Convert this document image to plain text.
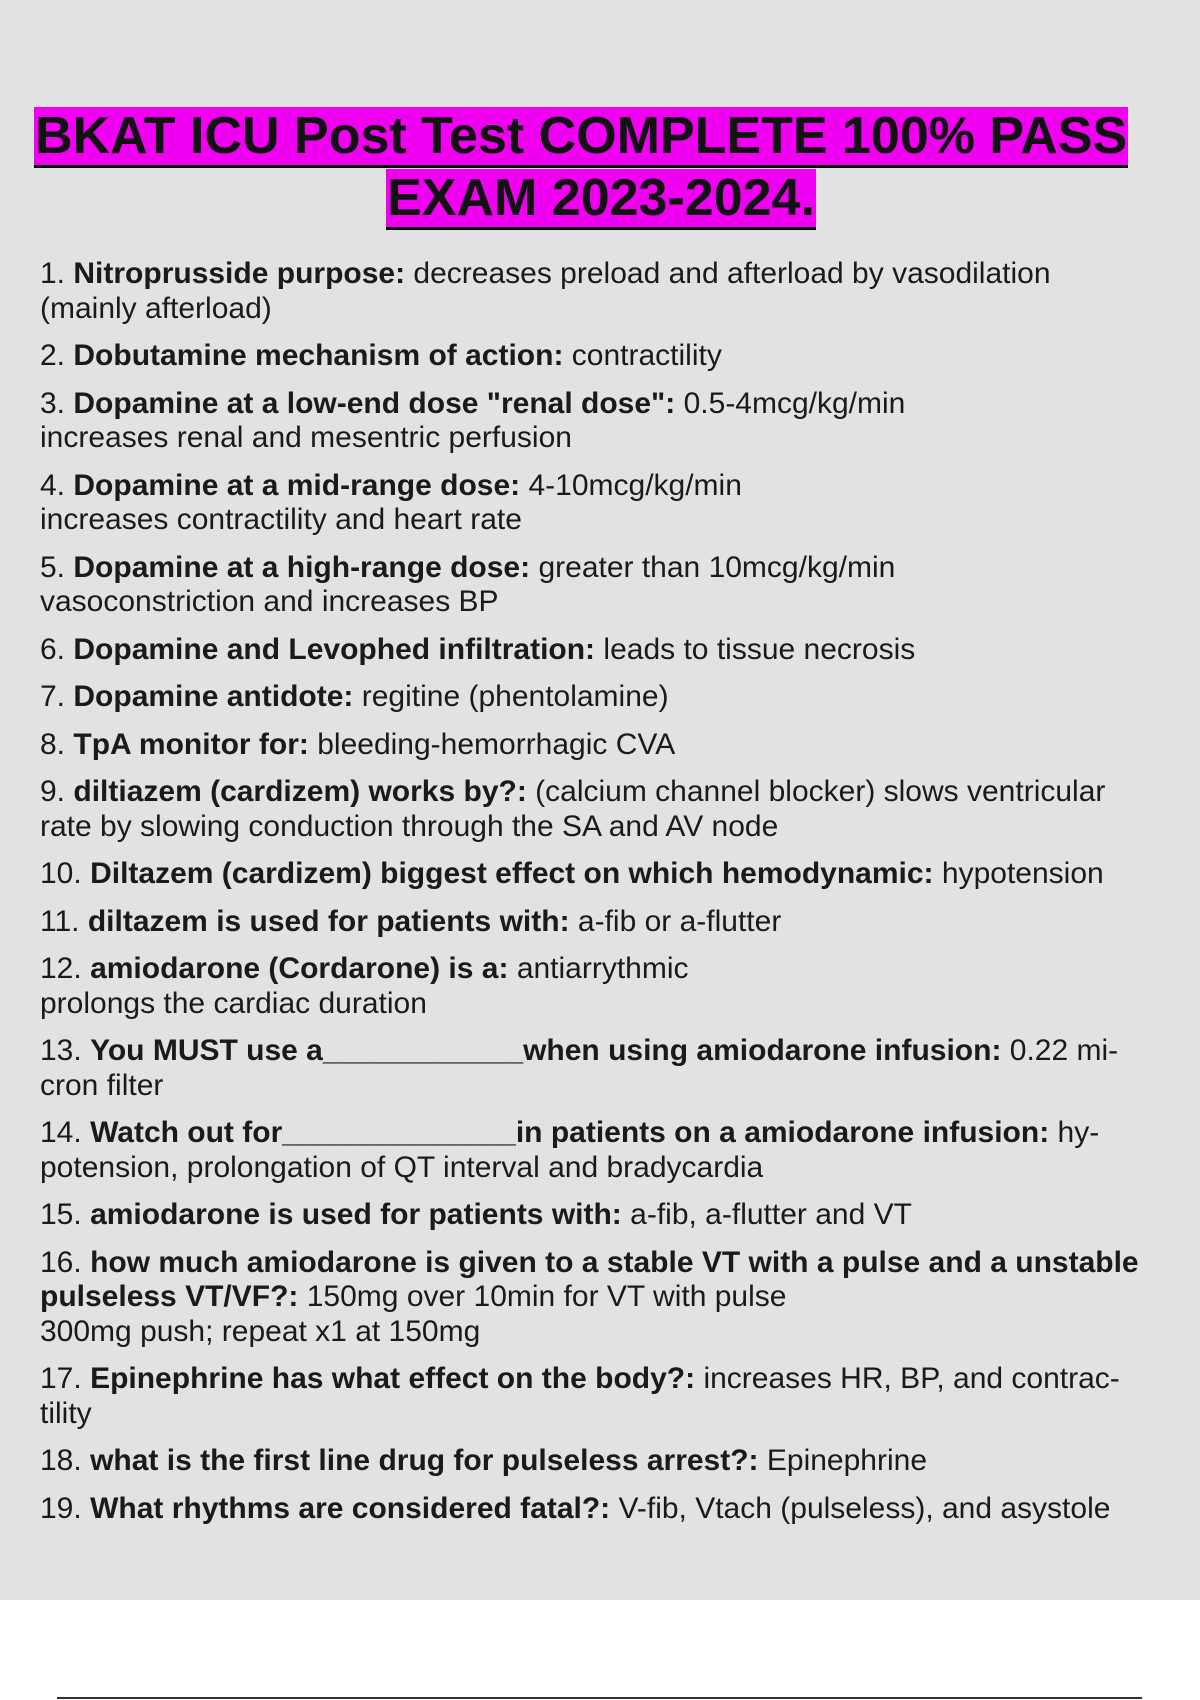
BKAT ICU Post Test COMPLETE 100% PASS
EXAM 2023-2024.
1. Nitroprusside purpose: decreases preload and afterload by vasodilation
(mainly afterload)
2. Dobutamine mechanism of action: contractility
3. Dopamine at a low-end dose "renal dose": 0.5-4mcg/kg/min
increases renal and mesentric perfusion
4. Dopamine at a mid-range dose: 4-10mcg/kg/min
increases contractility and heart rate
5. Dopamine at a high-range dose: greater than 10mcg/kg/min
vasoconstriction and increases BP
6. Dopamine and Levophed infiltration: leads to tissue necrosis
7. Dopamine antidote: regitine (phentolamine)
8. TpA monitor for: bleeding-hemorrhagic CVA
9. diltiazem (cardizem) works by?: (calcium channel blocker) slows ventricular
rate by slowing conduction through the SA and AV node
10. Diltazem (cardizem) biggest effect on which hemodynamic: hypotension
11. diltazem is used for patients with: a-fib or a-flutter
12. amiodarone (Cordarone) is a: antiarrythmic
prolongs the cardiac duration
13. You MUST use a____________when using amiodarone infusion: 0.22 mi-
cron filter
14. Watch out for______________in patients on a amiodarone infusion: hy-
potension, prolongation of QT interval and bradycardia
15. amiodarone is used for patients with: a-fib, a-flutter and VT
16. how much amiodarone is given to a stable VT with a pulse and a unstable
pulseless VT/VF?: 150mg over 10min for VT with pulse
300mg push; repeat x1 at 150mg
17. Epinephrine has what effect on the body?: increases HR, BP, and contrac-
tility
18. what is the first line drug for pulseless arrest?: Epinephrine
19. What rhythms are considered fatal?: V-fib, Vtach (pulseless), and asystole
